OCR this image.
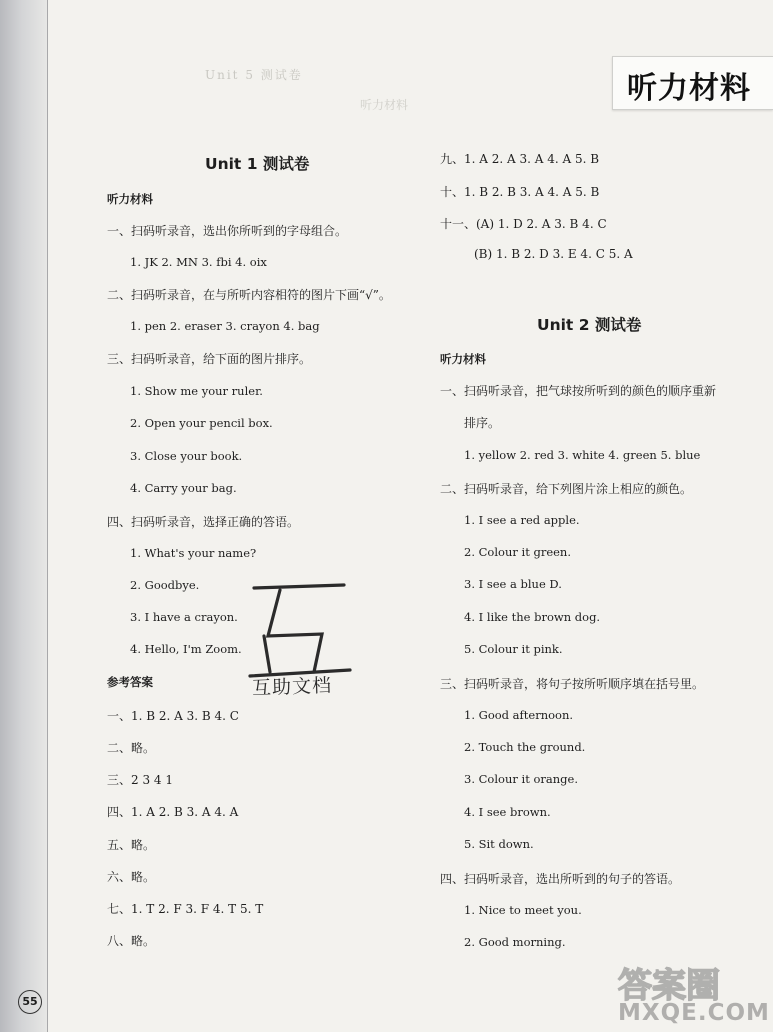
Unit 5 测试卷
听力材料	听力材料
Unit 1 测试卷
听力材料
一、扫码听录音，选出你所听到的字母组合。
1. JK 2. MN 3. fbi 4. oix
二、扫码听录音，在与所听内容相符的图片下画“√”。
1. pen 2. eraser 3. crayon 4. bag
三、扫码听录音，给下面的图片排序。
1. Show me your ruler.
2. Open your pencil box.
3. Close your book.
4. Carry your bag.
四、扫码听录音，选择正确的答语。
1. What's your name?
2. Goodbye.
3. I have a crayon.
4. Hello, I'm Zoom.
参考答案
一、1. B 2. A 3. B 4. C
二、略。
三、2 3 4 1
四、1. A 2. B 3. A 4. A
五、略。
六、略。
七、1. T 2. F 3. F 4. T 5. T
八、略。
九、1. A 2. A 3. A 4. A 5. B
十、1. B 2. B 3. A 4. A 5. B
十一、(A) 1. D 2. A 3. B 4. C
(B) 1. B 2. D 3. E 4. C 5. A
Unit 2 测试卷
听力材料
一、扫码听录音，把气球按所听到的颜色的顺序重新
排序。
1. yellow 2. red 3. white 4. green 5. blue
二、扫码听录音，给下列图片涂上相应的颜色。
1. I see a red apple.
2. Colour it green.
3. I see a blue D.
4. I like the brown dog.
5. Colour it pink.
三、扫码听录音，将句子按所听顺序填在括号里。
1. Good afternoon.
2. Touch the ground.
3. Colour it orange.
4. I see brown.
5. Sit down.
四、扫码听录音，选出所听到的句子的答语。
1. Nice to meet you.
2. Good morning.
互助文档
55	答案圈
MXQE.COM
